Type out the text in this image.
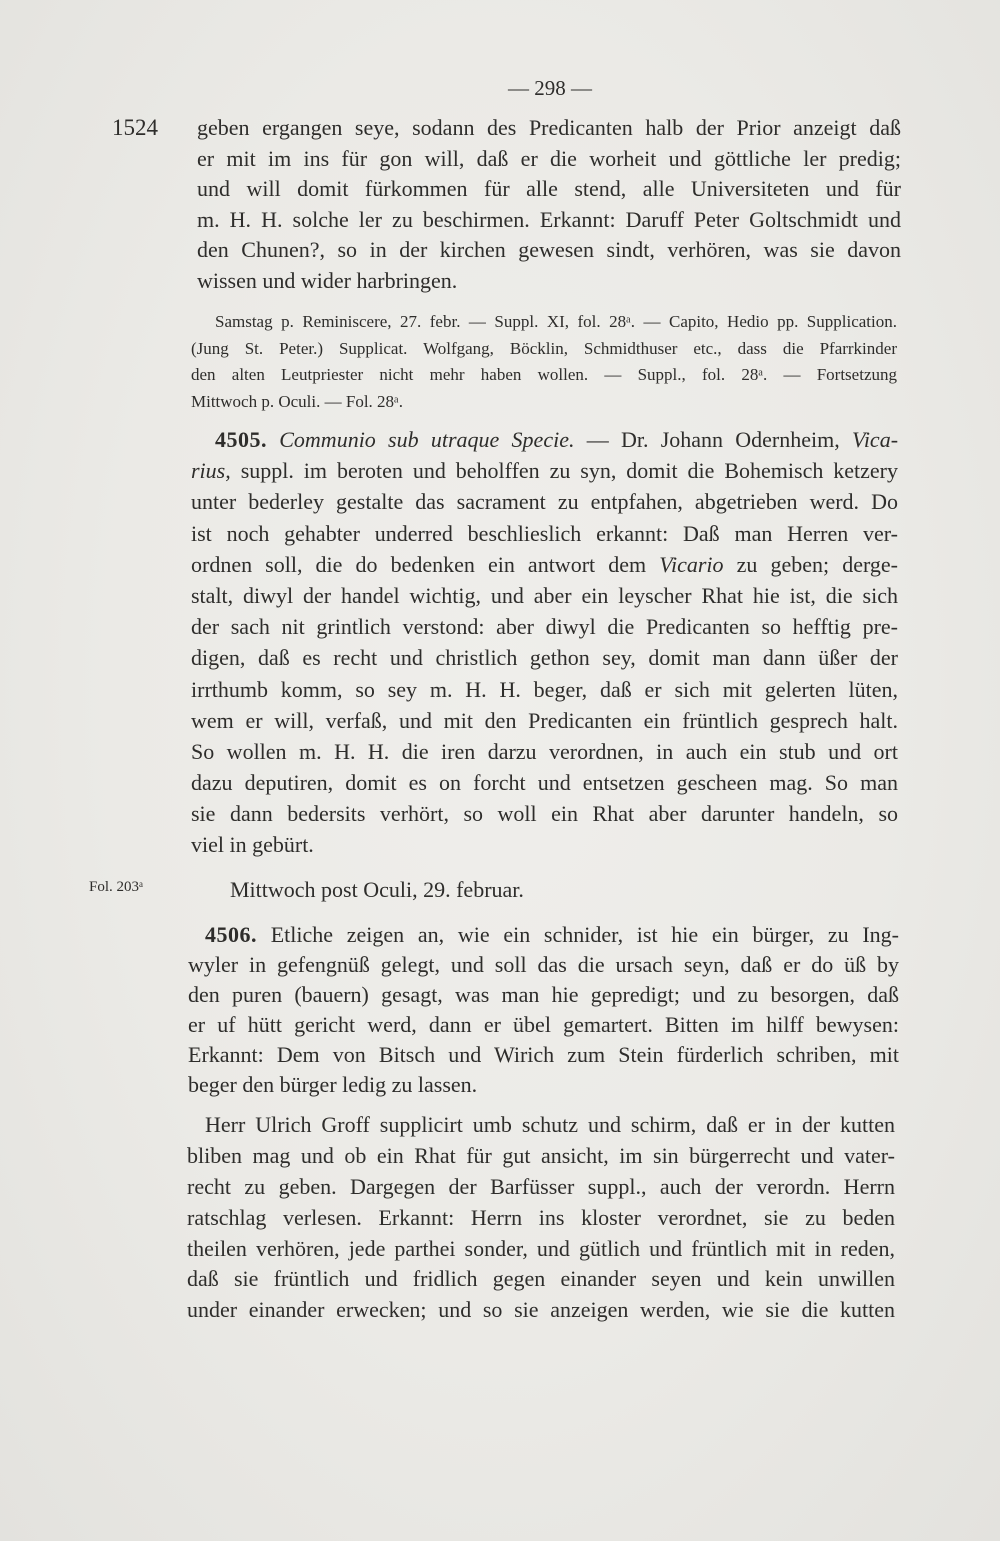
— 298 —
1524 geben ergangen seye, sodann des Predicanten halb der Prior anzeigt daß
er mit im ins für gon will, daß er die worheit und göttliche ler predig;
und will domit fürkommen für alle stend, alle Universiteten und für
m. H. H. solche ler zu beschirmen. Erkannt: Daruff Peter Goltschmidt und
den Chunen?, so in der kirchen gewesen sindt, verhören, was sie davon
wissen und wider harbringen.
Samstag p. Reminiscere, 27. febr. — Suppl. XI, fol. 28ᵃ. — Capito, Hedio pp. Supplication.
(Jung St. Peter.) Supplicat. Wolfgang, Böcklin, Schmidthuser etc., dass die Pfarrkinder
den alten Leutpriester nicht mehr haben wollen. — Suppl., fol. 28ᵃ. — Fortsetzung
Mittwoch p. Oculi. — Fol. 28ᵃ.
4505. Communio sub utraque Specie. — Dr. Johann Odernheim, Vica-
rius, suppl. im beroten und beholffen zu syn, domit die Bohemisch ketzery
unter bederley gestalte das sacrament zu entpfahen, abgetrieben werd. Do
ist noch gehabter underred beschlieslich erkannt: Daß man Herren ver-
ordnen soll, die do bedenken ein antwort dem Vicario zu geben; derge-
stalt, diwyl der handel wichtig, und aber ein leyscher Rhat hie ist, die sich
der sach nit grintlich verstond: aber diwyl die Predicanten so hefftig pre-
digen, daß es recht und christlich gethon sey, domit man dann üßer der
irrthumb komm, so sey m. H. H. beger, daß er sich mit gelerten lüten,
wem er will, verfaß, und mit den Predicanten ein früntlich gesprech halt.
So wollen m. H. H. die iren darzu verordnen, in auch ein stub und ort
dazu deputiren, domit es on forcht und entsetzen gescheen mag. So man
sie dann bedersits verhört, so woll ein Rhat aber darunter handeln, so
viel in gebürt.
Fol. 203ᵃ	Mittwoch post Oculi, 29. februar.
4506. Etliche zeigen an, wie ein schnider, ist hie ein bürger, zu Ing-
wyler in gefengnüß gelegt, und soll das die ursach seyn, daß er do üß by
den puren (bauern) gesagt, was man hie gepredigt; und zu besorgen, daß
er uf hütt gericht werd, dann er übel gemartert. Bitten im hilff bewysen:
Erkannt: Dem von Bitsch und Wirich zum Stein fürderlich schriben, mit
beger den bürger ledig zu lassen.
Herr Ulrich Groff supplicirt umb schutz und schirm, daß er in der kutten
bliben mag und ob ein Rhat für gut ansicht, im sin bürgerrecht und vater-
recht zu geben. Dargegen der Barfüsser suppl., auch der verordn. Herrn
ratschlag verlesen. Erkannt: Herrn ins kloster verordnet, sie zu beden
theilen verhören, jede parthei sonder, und gütlich und früntlich mit in reden,
daß sie früntlich und fridlich gegen einander seyen und kein unwillen
under einander erwecken; und so sie anzeigen werden, wie sie die kutten
